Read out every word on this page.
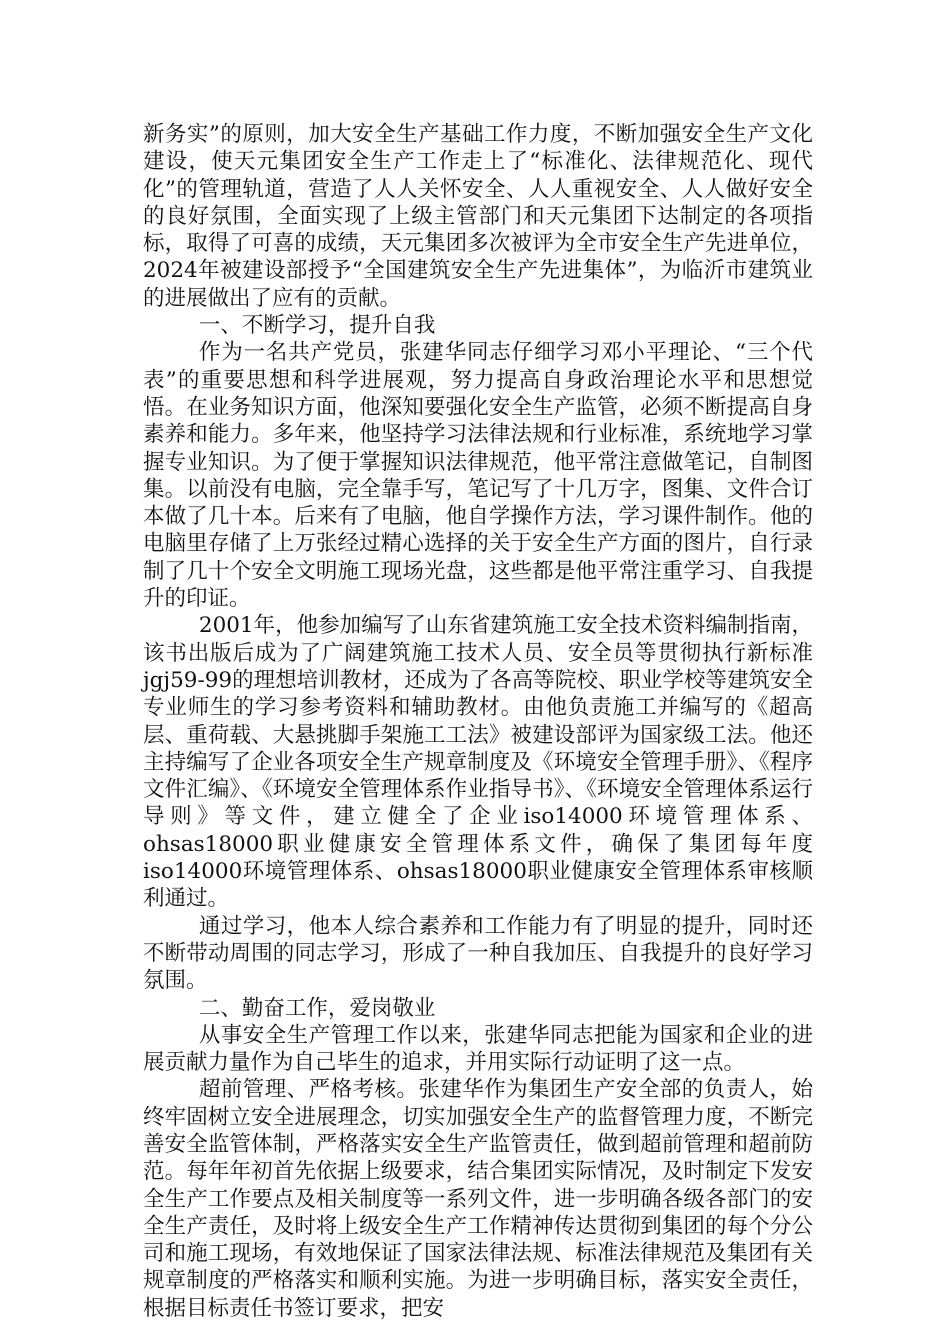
新务实”的原则，加大安全生产基础工作力度，不断加强安全生产文化建设，使天元集团安全生产工作走上了“标准化、法律规范化、现代化”的管理轨道，营造了人人关怀安全、人人重视安全、人人做好安全的良好氛围，全面实现了上级主管部门和天元集团下达制定的各项指标，取得了可喜的成绩，天元集团多次被评为全市安全生产先进单位，2024年被建设部授予“全国建筑安全生产先进集体”，为临沂市建筑业的进展做出了应有的贡献。

一、不断学习，提升自我

作为一名共产党员，张建华同志仔细学习邓小平理论、“三个代表”的重要思想和科学进展观，努力提高自身政治理论水平和思想觉悟。在业务知识方面，他深知要强化安全生产监管，必须不断提高自身素养和能力。多年来，他坚持学习法律法规和行业标准，系统地学习掌握专业知识。为了便于掌握知识法律规范，他平常注意做笔记，自制图集。以前没有电脑，完全靠手写，笔记写了十几万字，图集、文件合订本做了几十本。后来有了电脑，他自学操作方法，学习课件制作。他的电脑里存储了上万张经过精心选择的关于安全生产方面的图片，自行录制了几十个安全文明施工现场光盘，这些都是他平常注重学习、自我提升的印证。

2001年，他参加编写了山东省建筑施工安全技术资料编制指南，该书出版后成为了广阔建筑施工技术人员、安全员等贯彻执行新标准jgj59-99的理想培训教材，还成为了各高等院校、职业学校等建筑安全专业师生的学习参考资料和辅助教材。由他负责施工并编写的《超高层、重荷载、大悬挑脚手架施工工法》被建设部评为国家级工法。他还主持编写了企业各项安全生产规章制度及《环境安全管理手册》、《程序文件汇编》、《环境安全管理体系作业指导书》、《环境安全管理体系运行导则》等文件，建立健全了企业iso14000环境管理体系、ohsas18000职业健康安全管理体系文件，确保了集团每年度iso14000环境管理体系、ohsas18000职业健康安全管理体系审核顺利通过。

通过学习，他本人综合素养和工作能力有了明显的提升，同时还不断带动周围的同志学习，形成了一种自我加压、自我提升的良好学习氛围。

二、勤奋工作，爱岗敬业

从事安全生产管理工作以来，张建华同志把能为国家和企业的进展贡献力量作为自己毕生的追求，并用实际行动证明了这一点。

超前管理、严格考核。张建华作为集团生产安全部的负责人，始终牢固树立安全进展理念，切实加强安全生产的监督管理力度，不断完善安全监管体制，严格落实安全生产监管责任，做到超前管理和超前防范。每年年初首先依据上级要求，结合集团实际情况，及时制定下发安全生产工作要点及相关制度等一系列文件，进一步明确各级各部门的安全生产责任，及时将上级安全生产工作精神传达贯彻到集团的每个分公司和施工现场，有效地保证了国家法律法规、标准法律规范及集团有关规章制度的严格落实和顺利实施。为进一步明确目标，落实安全责任，根据目标责任书签订要求，把安
